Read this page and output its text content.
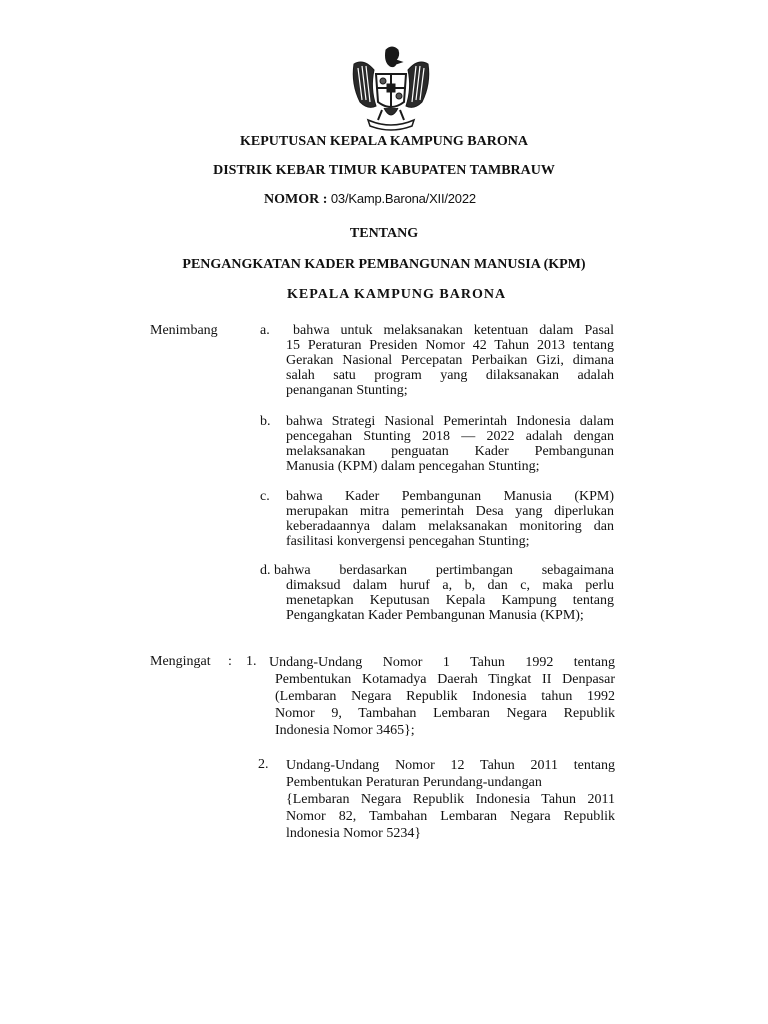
KEPUTUSAN KEPALA KAMPUNG BARONA
DISTRIK KEBAR TIMUR KABUPATEN TAMBRAUW
NOMOR : 03/Kamp.Barona/XII/2022
TENTANG
PENGANGKATAN KADER PEMBANGUNAN MANUSIA (KPM)
KEPALA KAMPUNG BARONA
Menimbang	a.	bahwa untuk melaksanakan ketentuan dalam Pasal
15 Peraturan Presiden Nomor 42 Tahun 2013 tentang
Gerakan Nasional Percepatan Perbaikan Gizi, dimana
salah satu program yang dilaksanakan adalah
penanganan Stunting;
b. bahwa Strategi Nasional Pemerintah Indonesia dalam
pencegahan Stunting 2018 — 2022 adalah dengan
melaksanakan penguatan Kader Pembangunan
Manusia (KPM) dalam pencegahan Stunting;
c. bahwa Kader Pembangunan Manusia (KPM)
merupakan mitra pemerintah Desa yang diperlukan
keberadaannya dalam melaksanakan monitoring dan
fasilitasi konvergensi pencegahan Stunting;
d. bahwa berdasarkan pertimbangan sebagaimana
dimaksud dalam huruf a, b, dan c, maka perlu
menetapkan Keputusan Kepala Kampung tentang
Pengangkatan Kader Pembangunan Manusia (KPM);
Mengingat : 1. Undang-Undang Nomor 1 Tahun 1992 tentang
Pembentukan Kotamadya Daerah Tingkat II Denpasar
(Lembaran Negara Republik Indonesia tahun 1992
Nomor 9, Tambahan Lembaran Negara Republik
Indonesia Nomor 3465};
2. Undang-Undang Nomor 12 Tahun 2011 tentang
Pembentukan Peraturan Perundang-undangan
{Lembaran Negara Republik Indonesia Tahun 2011
Nomor 82, Tambahan Lembaran Negara Republik
lndonesia Nomor 5234}
